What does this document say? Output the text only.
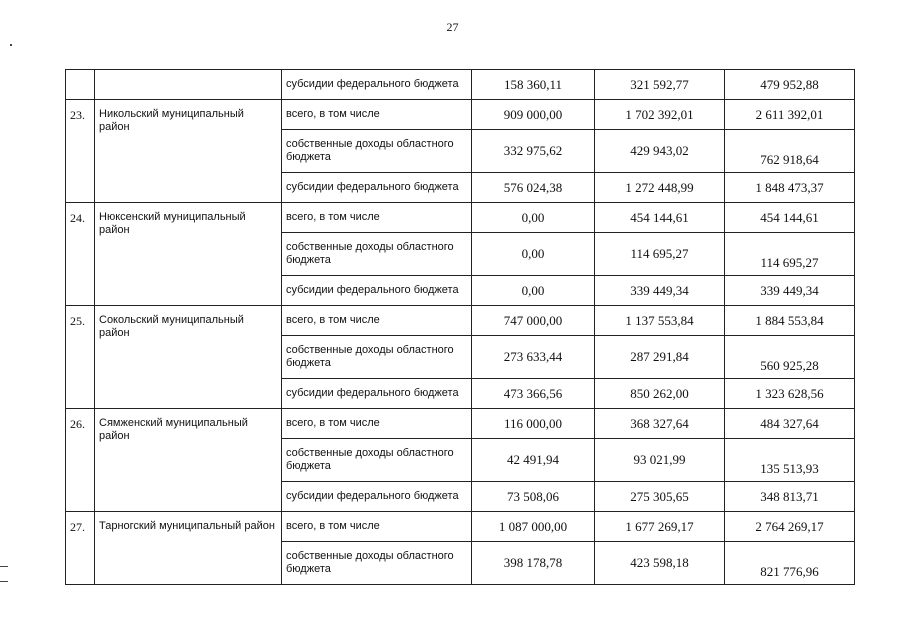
27
		субсидии федерального бюджета	158 360,11	321 592,77	479 952,88
23.	Никольский муниципальный район	всего, в том числе	909 000,00	1 702 392,01	2 611 392,01
		собственные доходы областного бюджета	332 975,62	429 943,02	762 918,64
		субсидии федерального бюджета	576 024,38	1 272 448,99	1 848 473,37
24.	Нюксенский муниципальный район	всего, в том числе	0,00	454 144,61	454 144,61
		собственные доходы областного бюджета	0,00	114 695,27	114 695,27
		субсидии федерального бюджета	0,00	339 449,34	339 449,34
25.	Сокольский муниципальный район	всего, в том числе	747 000,00	1 137 553,84	1 884 553,84
		собственные доходы областного бюджета	273 633,44	287 291,84	560 925,28
		субсидии федерального бюджета	473 366,56	850 262,00	1 323 628,56
26.	Сямженский муниципальный район	всего, в том числе	116 000,00	368 327,64	484 327,64
		собственные доходы областного бюджета	42 491,94	93 021,99	135 513,93
		субсидии федерального бюджета	73 508,06	275 305,65	348 813,71
27.	Тарногский муниципальный район	всего, в том числе	1 087 000,00	1 677 269,17	2 764 269,17
		собственные доходы областного бюджета	398 178,78	423 598,18	821 776,96
